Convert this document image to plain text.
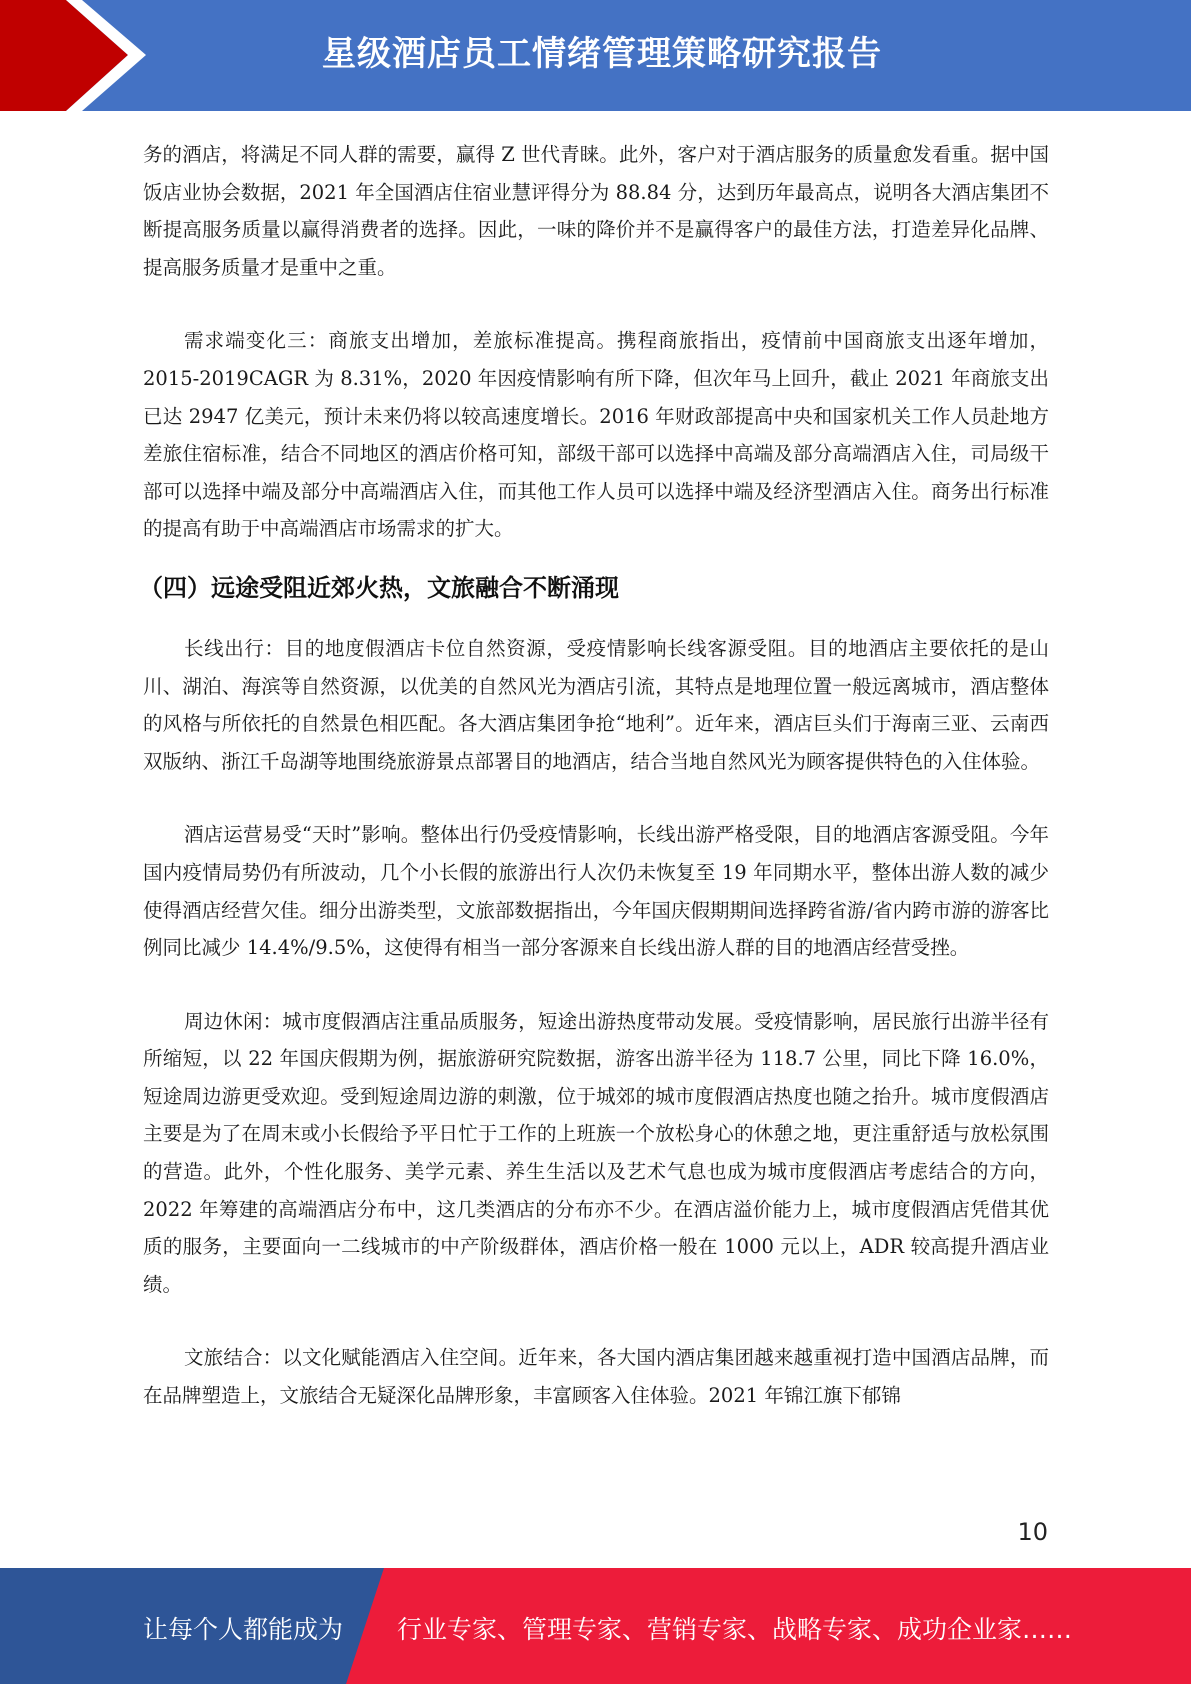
星级酒店员工情绪管理策略研究报告

务的酒店，将满足不同人群的需要，赢得 Z 世代青睐。此外，客户对于酒店服务的质量愈发看重。据中国饭店业协会数据，2021 年全国酒店住宿业慧评得分为 88.84 分，达到历年最高点，说明各大酒店集团不断提高服务质量以赢得消费者的选择。因此，一味的降价并不是赢得客户的最佳方法，打造差异化品牌、提高服务质量才是重中之重。

需求端变化三：商旅支出增加，差旅标准提高。携程商旅指出，疫情前中国商旅支出逐年增加，2015-2019CAGR 为 8.31%，2020 年因疫情影响有所下降，但次年马上回升，截止 2021 年商旅支出已达 2947 亿美元，预计未来仍将以较高速度增长。2016 年财政部提高中央和国家机关工作人员赴地方差旅住宿标准，结合不同地区的酒店价格可知，部级干部可以选择中高端及部分高端酒店入住，司局级干部可以选择中端及部分中高端酒店入住，而其他工作人员可以选择中端及经济型酒店入住。商务出行标准的提高有助于中高端酒店市场需求的扩大。

（四）远途受阻近郊火热，文旅融合不断涌现

长线出行：目的地度假酒店卡位自然资源，受疫情影响长线客源受阻。目的地酒店主要依托的是山川、湖泊、海滨等自然资源，以优美的自然风光为酒店引流，其特点是地理位置一般远离城市，酒店整体的风格与所依托的自然景色相匹配。各大酒店集团争抢“地利”。近年来，酒店巨头们于海南三亚、云南西双版纳、浙江千岛湖等地围绕旅游景点部署目的地酒店，结合当地自然风光为顾客提供特色的入住体验。

酒店运营易受“天时”影响。整体出行仍受疫情影响，长线出游严格受限，目的地酒店客源受阻。今年国内疫情局势仍有所波动，几个小长假的旅游出行人次仍未恢复至 19 年同期水平，整体出游人数的减少使得酒店经营欠佳。细分出游类型，文旅部数据指出，今年国庆假期期间选择跨省游/省内跨市游的游客比例同比减少 14.4%/9.5%，这使得有相当一部分客源来自长线出游人群的目的地酒店经营受挫。

周边休闲：城市度假酒店注重品质服务，短途出游热度带动发展。受疫情影响，居民旅行出游半径有所缩短，以 22 年国庆假期为例，据旅游研究院数据，游客出游半径为 118.7 公里，同比下降 16.0%，短途周边游更受欢迎。受到短途周边游的刺激，位于城郊的城市度假酒店热度也随之抬升。城市度假酒店主要是为了在周末或小长假给予平日忙于工作的上班族一个放松身心的休憩之地，更注重舒适与放松氛围的营造。此外，个性化服务、美学元素、养生生活以及艺术气息也成为城市度假酒店考虑结合的方向，2022 年筹建的高端酒店分布中，这几类酒店的分布亦不少。在酒店溢价能力上，城市度假酒店凭借其优质的服务，主要面向一二线城市的中产阶级群体，酒店价格一般在 1000 元以上，ADR 较高提升酒店业绩。

文旅结合：以文化赋能酒店入住空间。近年来，各大国内酒店集团越来越重视打造中国酒店品牌，而在品牌塑造上，文旅结合无疑深化品牌形象，丰富顾客入住体验。2021 年锦江旗下郁锦

10
让每个人都能成为 行业专家、管理专家、营销专家、战略专家、成功企业家……
